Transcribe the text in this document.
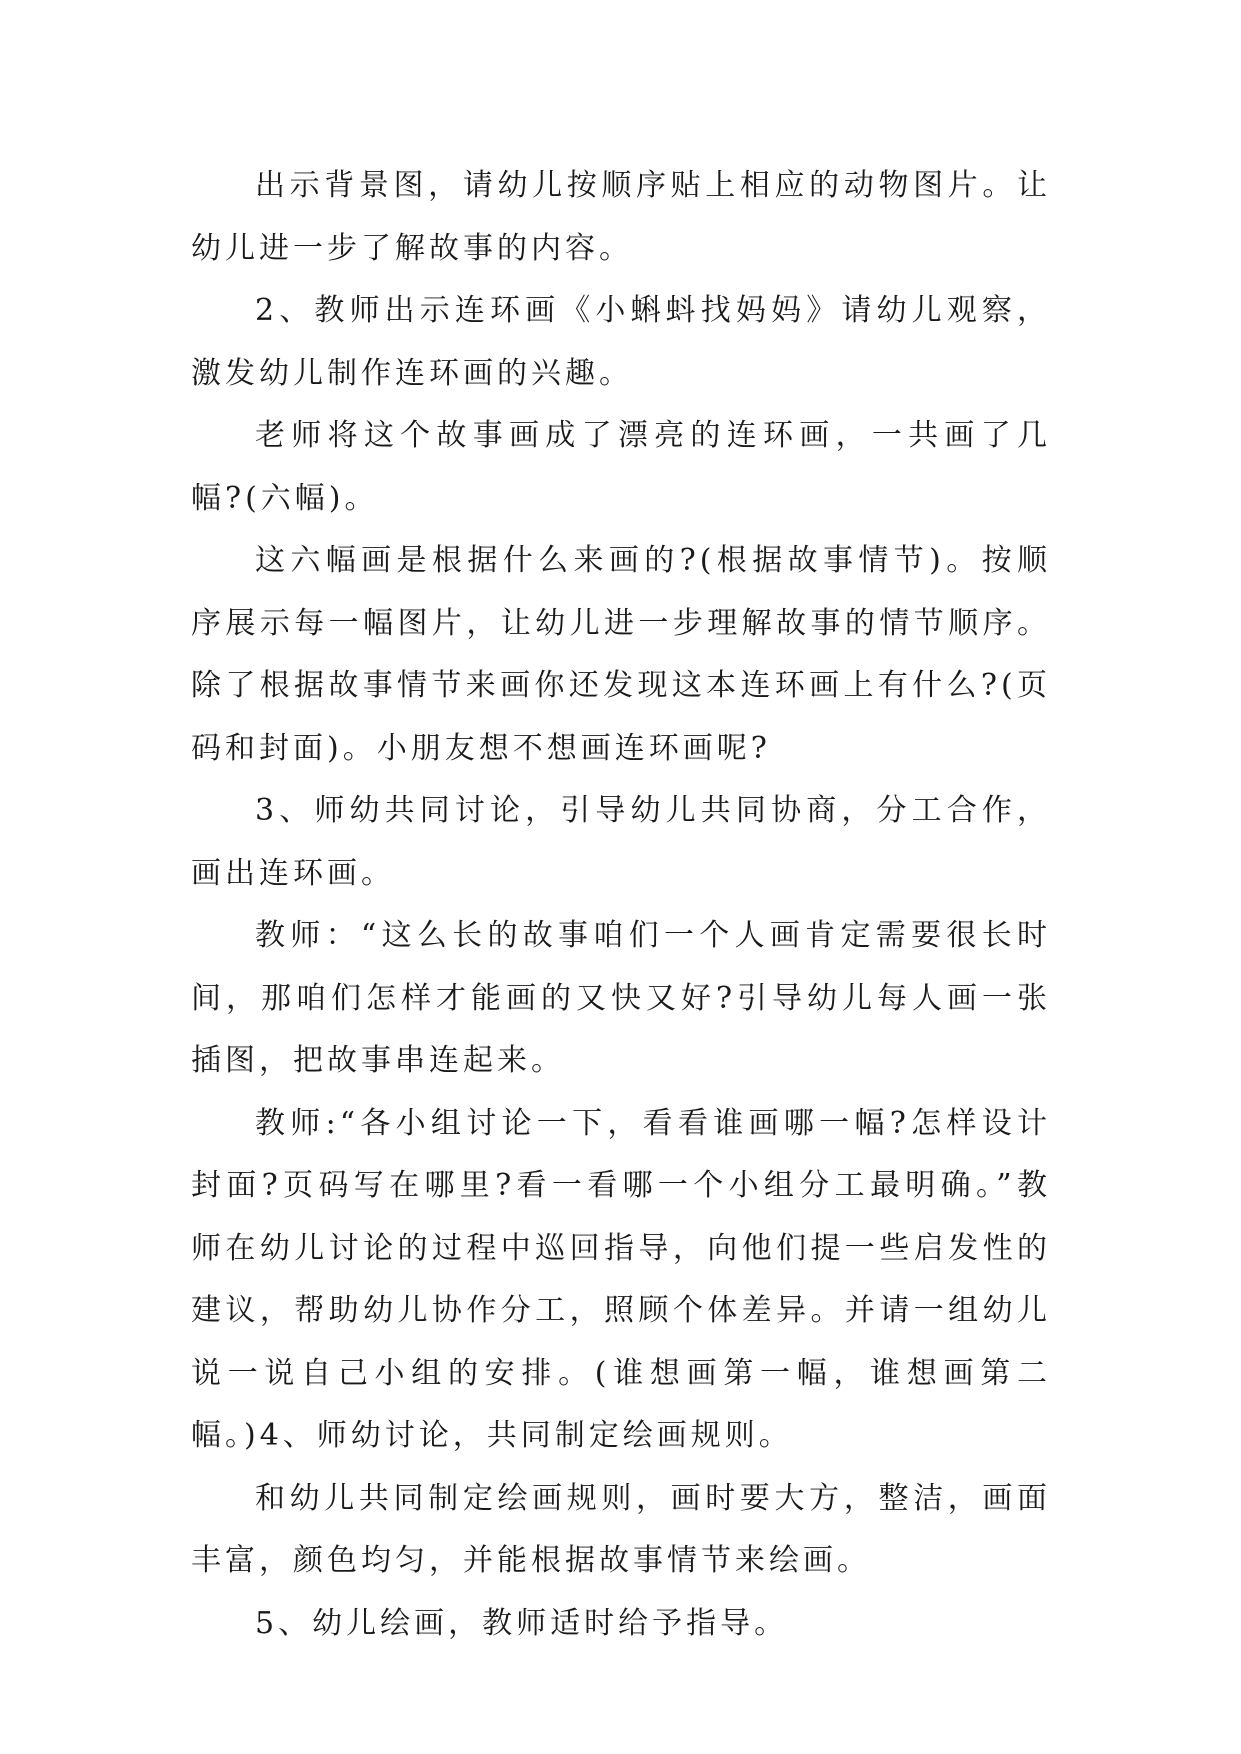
出示背景图，请幼儿按顺序贴上相应的动物图片。让幼儿进一步了解故事的内容。

2、教师出示连环画《小蝌蚪找妈妈》请幼儿观察，激发幼儿制作连环画的兴趣。

老师将这个故事画成了漂亮的连环画，一共画了几幅?(六幅)。

这六幅画是根据什么来画的?(根据故事情节)。按顺序展示每一幅图片，让幼儿进一步理解故事的情节顺序。除了根据故事情节来画你还发现这本连环画上有什么?(页码和封面)。小朋友想不想画连环画呢?

3、师幼共同讨论，引导幼儿共同协商，分工合作，画出连环画。

教师：“这么长的故事咱们一个人画肯定需要很长时间，那咱们怎样才能画的又快又好?引导幼儿每人画一张插图，把故事串连起来。

教师:“各小组讨论一下，看看谁画哪一幅?怎样设计封面?页码写在哪里?看一看哪一个小组分工最明确。”教师在幼儿讨论的过程中巡回指导，向他们提一些启发性的建议，帮助幼儿协作分工，照顾个体差异。并请一组幼儿说一说自己小组的安排。(谁想画第一幅，谁想画第二幅。)4、师幼讨论，共同制定绘画规则。

和幼儿共同制定绘画规则，画时要大方，整洁，画面丰富，颜色均匀，并能根据故事情节来绘画。

5、幼儿绘画，教师适时给予指导。
